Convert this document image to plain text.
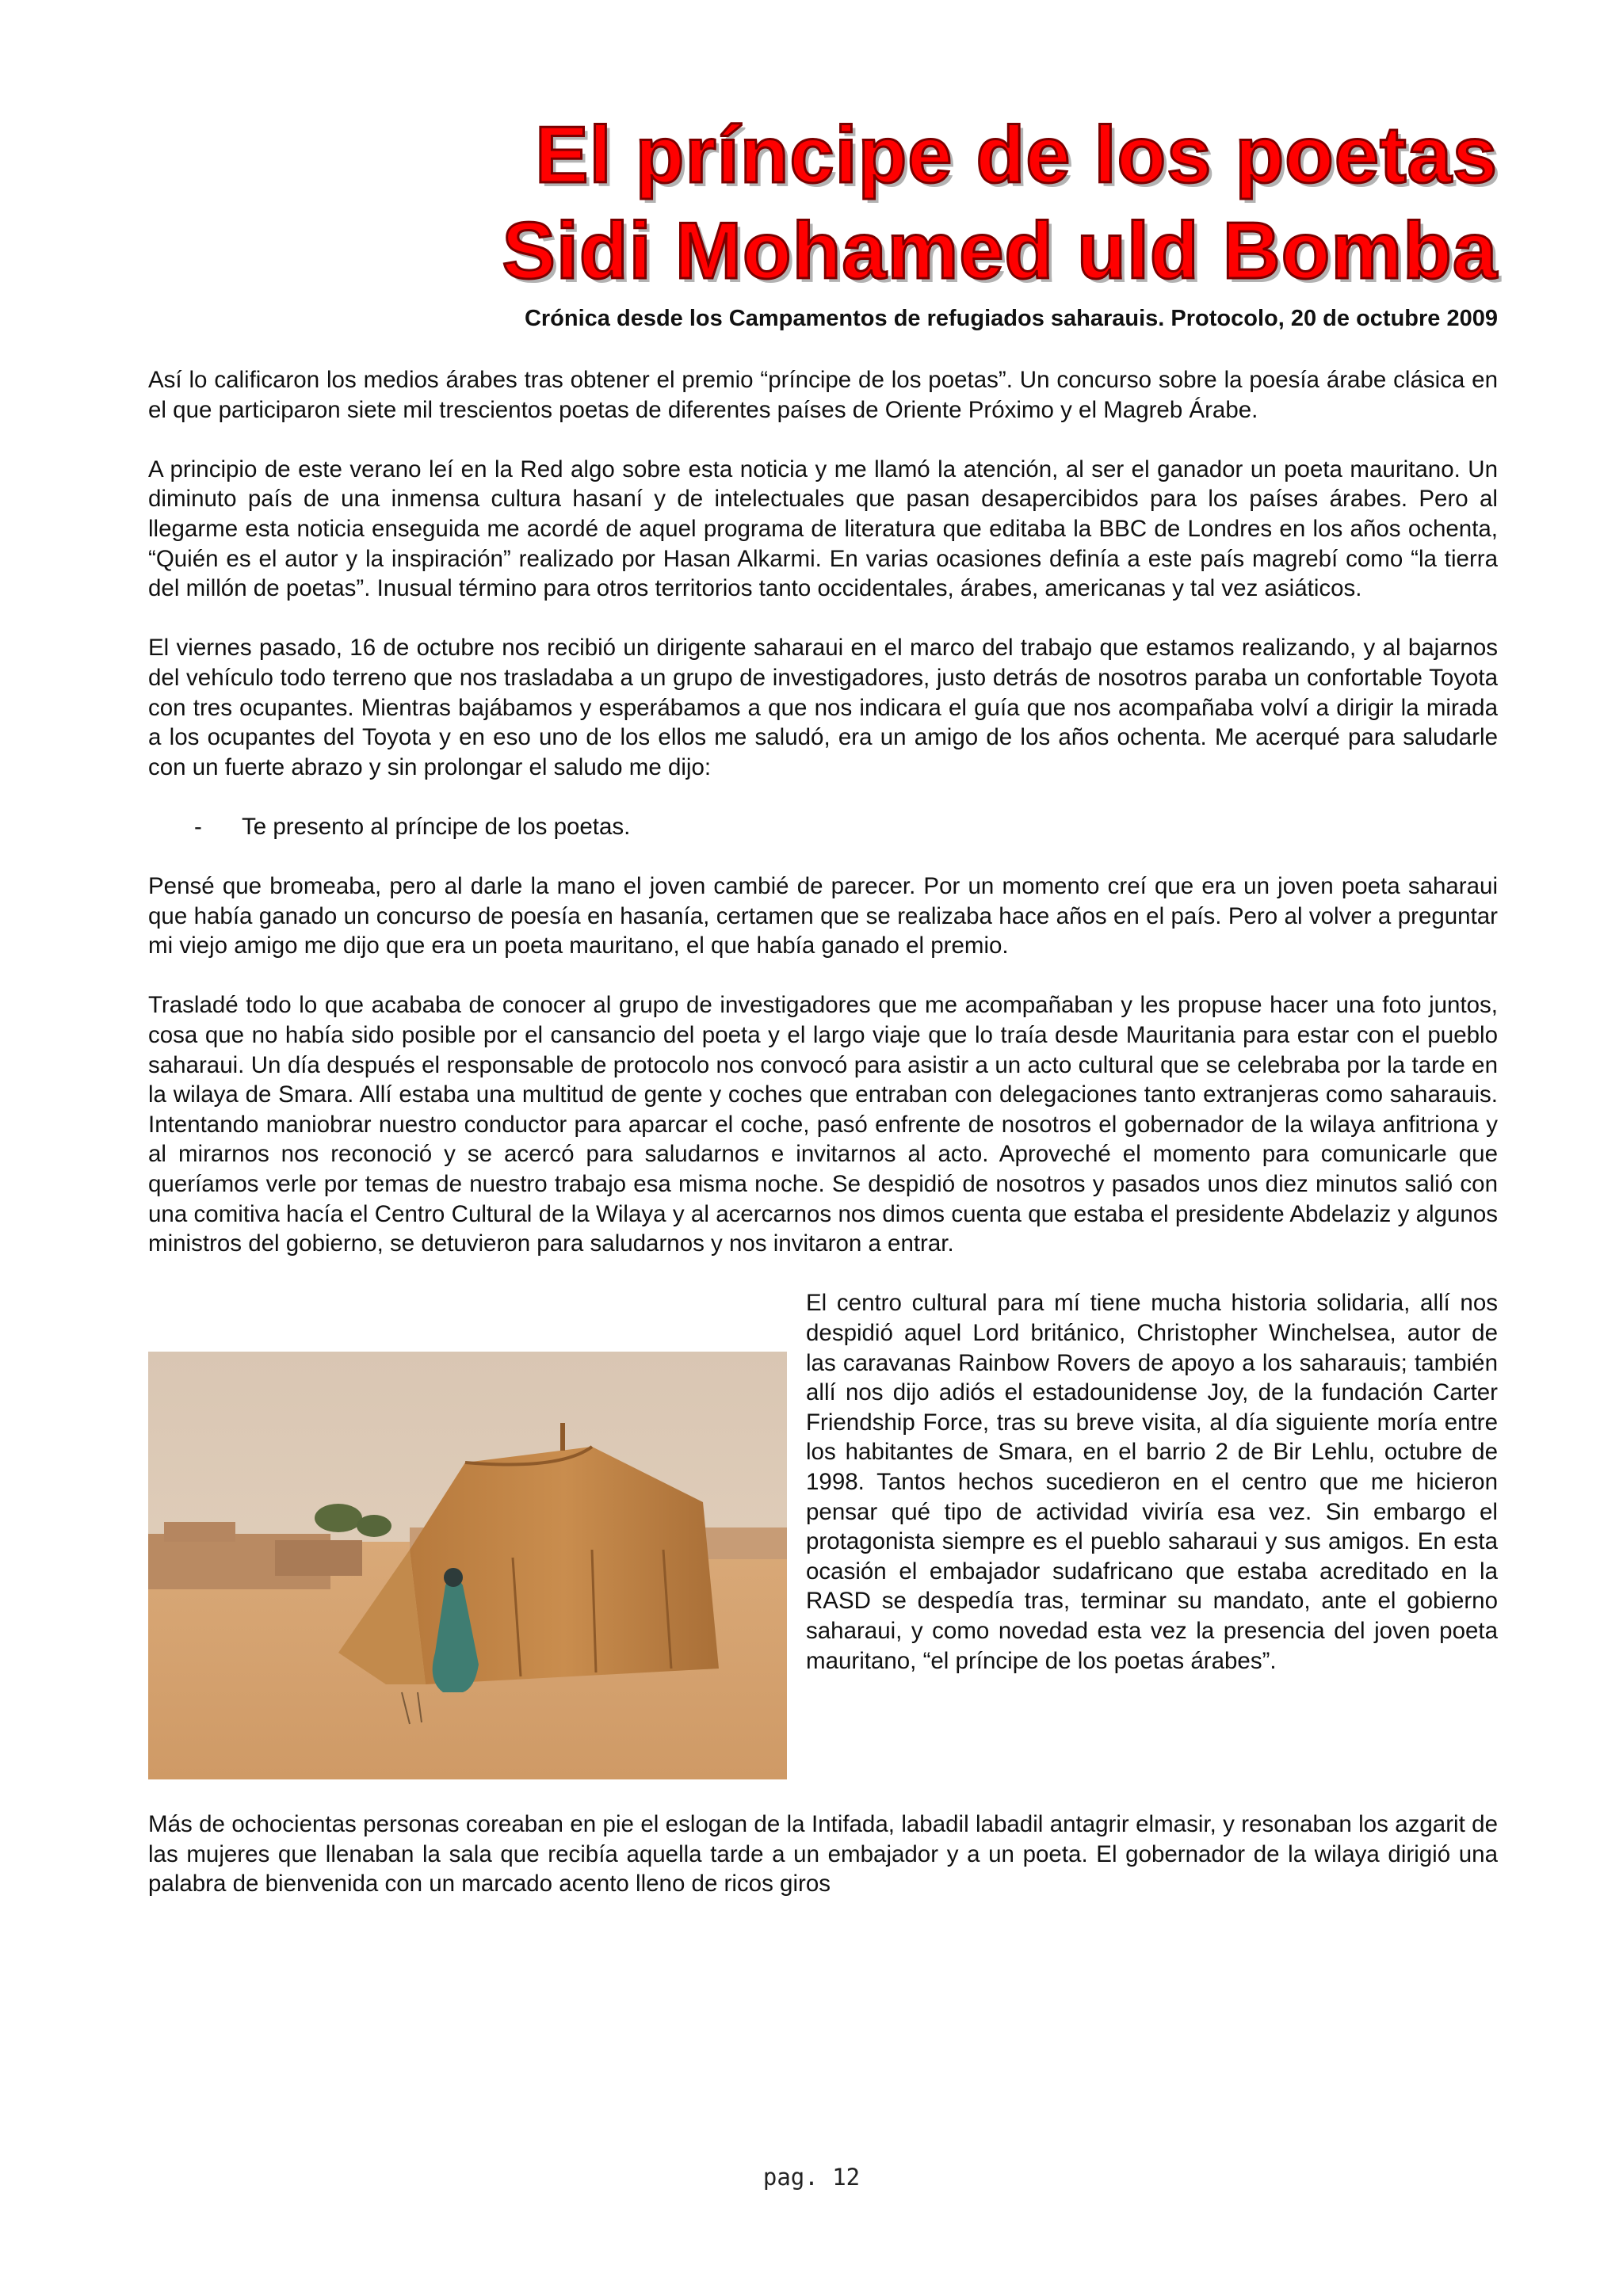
El príncipe de los poetas
Sidi Mohamed uld Bomba
Crónica desde los Campamentos de refugiados saharauis. Protocolo, 20 de octubre 2009

Así lo calificaron los medios árabes tras obtener el premio “príncipe de los poetas”. Un concurso sobre la poesía árabe clásica en el que participaron siete mil trescientos poetas de diferentes países de Oriente Próximo y el Magreb Árabe.

A principio de este verano leí en la Red algo sobre esta noticia y me llamó la atención, al ser el ganador un poeta mauritano. Un diminuto país de una inmensa cultura hasaní y de intelectuales que pasan desapercibidos para los países árabes. Pero al llegarme esta noticia enseguida me acordé de aquel programa de literatura que editaba la BBC de Londres en los años ochenta, “Quién es el autor y la inspiración” realizado por Hasan Alkarmi. En varias ocasiones definía a este país magrebí como “la tierra del millón de poetas”. Inusual término para otros territorios tanto occidentales, árabes, americanas y tal vez asiáticos.

El viernes pasado, 16 de octubre nos recibió un dirigente saharaui en el marco del trabajo que estamos realizando, y al bajarnos del vehículo todo terreno que nos trasladaba a un grupo de investigadores, justo detrás de nosotros paraba un confortable Toyota con tres ocupantes. Mientras bajábamos y esperábamos a que nos indicara el guía que nos acompañaba volví a dirigir la mirada a los ocupantes del Toyota y en eso uno de los ellos me saludó, era un amigo de los años ochenta. Me acerqué para saludarle con un fuerte abrazo y sin prolongar el saludo me dijo:

-	Te presento al príncipe de los poetas.

Pensé que bromeaba, pero al darle la mano el joven cambié de parecer. Por un momento creí que era un joven poeta saharaui que había ganado un concurso de poesía en hasanía, certamen que se realizaba hace años en el país. Pero al volver a preguntar mi viejo amigo me dijo que era un poeta mauritano, el que había ganado el premio.

Trasladé todo lo que acababa de conocer al grupo de investigadores que me acompañaban y les propuse hacer una foto juntos, cosa que no había sido posible por el cansancio del poeta y el largo viaje que lo traía desde Mauritania para estar con el pueblo saharaui. Un día después el responsable de protocolo nos convocó para asistir a un acto cultural que se celebraba por la tarde en la wilaya de Smara. Allí estaba una multitud de gente y coches que entraban con delegaciones tanto extranjeras como saharauis. Intentando maniobrar nuestro conductor para aparcar el coche, pasó enfrente de nosotros el gobernador de la wilaya anfitriona y al mirarnos nos reconoció y se acercó para saludarnos e invitarnos al acto. Aproveché el momento para comunicarle que queríamos verle por temas de nuestro trabajo esa misma noche. Se despidió de nosotros y pasados unos diez minutos salió con una comitiva hacía el Centro Cultural de la Wilaya y al acercarnos nos dimos cuenta que estaba el presidente Abdelaziz y algunos ministros del gobierno, se detuvieron para saludarnos y nos invitaron a entrar.

El centro cultural para mí tiene mucha historia solidaria, allí nos despidió aquel Lord británico, Christopher Winchelsea, autor de las caravanas Rainbow Rovers de apoyo a los saharauis; también allí nos dijo adiós el estadounidense Joy, de la fundación Carter Friendship Force, tras su breve visita, al día siguiente moría entre los habitantes de Smara, en el barrio 2 de Bir Lehlu, octubre de 1998. Tantos hechos sucedieron en el centro que me hicieron pensar qué tipo de actividad viviría esa vez. Sin embargo el protagonista siempre es el pueblo saharaui y sus amigos. En esta ocasión el embajador sudafricano que estaba acreditado en la RASD se despedía tras, terminar su mandato, ante el gobierno saharaui, y como novedad esta vez la presencia del joven poeta mauritano, “el príncipe de los poetas árabes”.

Más de ochocientas personas coreaban en pie el eslogan de la Intifada, labadil labadil antagrir elmasir, y resonaban los azgarit de las mujeres que llenaban la sala que recibía aquella tarde a un embajador y a un poeta. El gobernador de la wilaya dirigió una palabra de bienvenida con un marcado acento lleno de ricos giros

pag. 12
